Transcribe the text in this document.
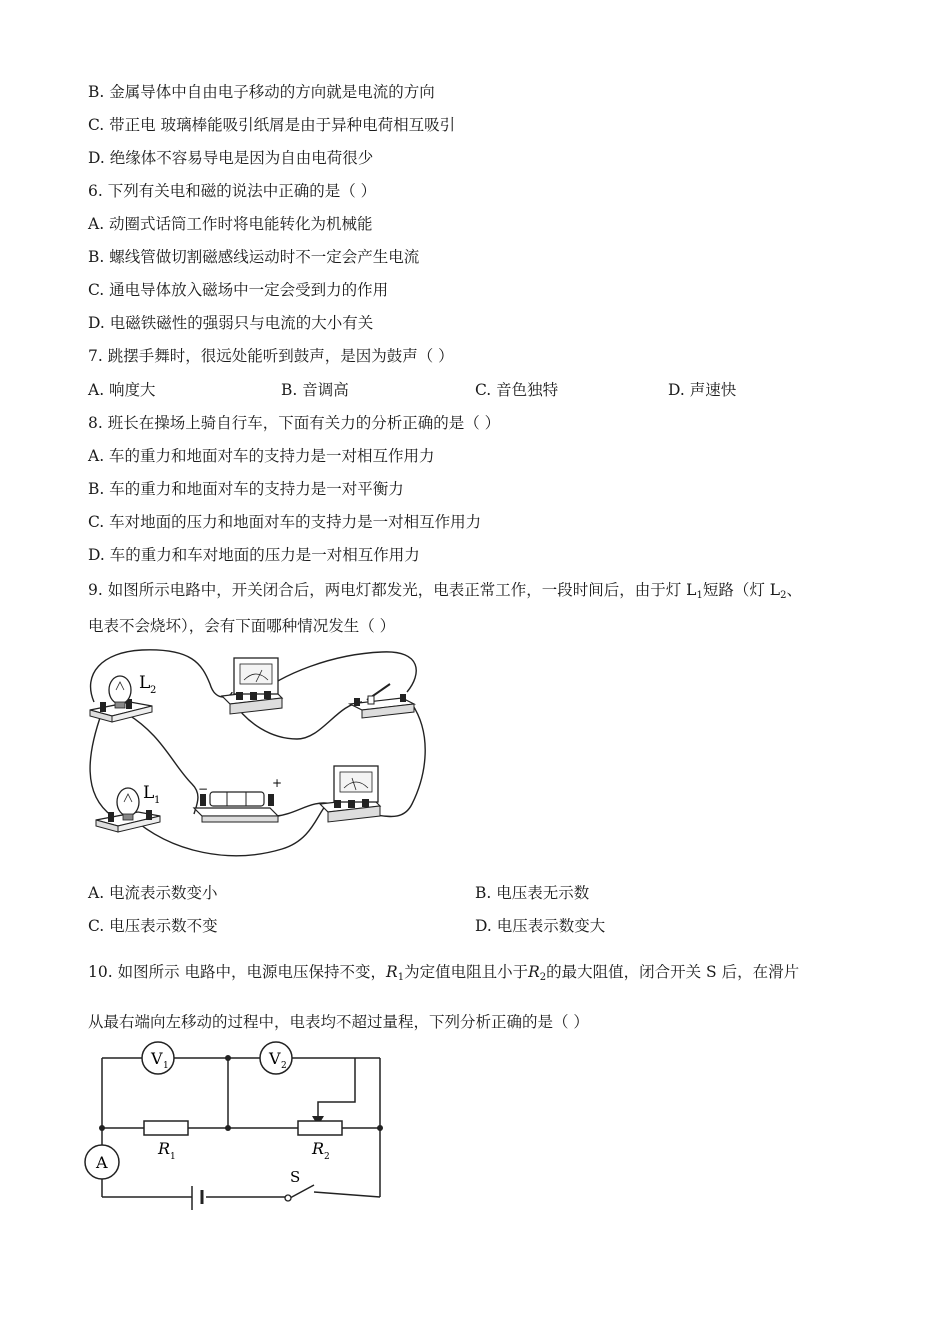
B. 金属导体中自由电子移动的方向就是电流的方向
C. 带正电 玻璃棒能吸引纸屑是由于异种电荷相互吸引
D. 绝缘体不容易导电是因为自由电荷很少
6. 下列有关电和磁的说法中正确的是（ ）
A. 动圈式话筒工作时将电能转化为机械能
B. 螺线管做切割磁感线运动时不一定会产生电流
C. 通电导体放入磁场中一定会受到力的作用
D. 电磁铁磁性的强弱只与电流的大小有关
7. 跳摆手舞时，很远处能听到鼓声，是因为鼓声（ ）
A. 响度大	B. 音调高	C. 音色独特	D. 声速快
8. 班长在操场上骑自行车，下面有关力的分析正确的是（ ）
A. 车的重力和地面对车的支持力是一对相互作用力
B. 车的重力和地面对车的支持力是一对平衡力
C. 车对地面的压力和地面对车的支持力是一对相互作用力
D. 车的重力和车对地面的压力是一对相互作用力
9. 如图所示电路中，开关闭合后，两电灯都发光，电表正常工作，一段时间后，由于灯 $L_1$短路（灯 $L_2$、
电表不会烧坏），会有下面哪种情况发生（ ）
L 2
L 1
−	+
A. 电流表示数变小	B. 电压表无示数
C. 电压表示数不变	D. 电压表示数变大
10. 如图所示 电路中，电源电压保持不变，$R_1$为定值电阻且小于$R_2$的最大阻值，闭合开关 S 后，在滑片
从最右端向左移动的过程中，电表均不超过量程，下列分析正确的是（ ）
V 1	V 2
A
R 1	R 2
S
